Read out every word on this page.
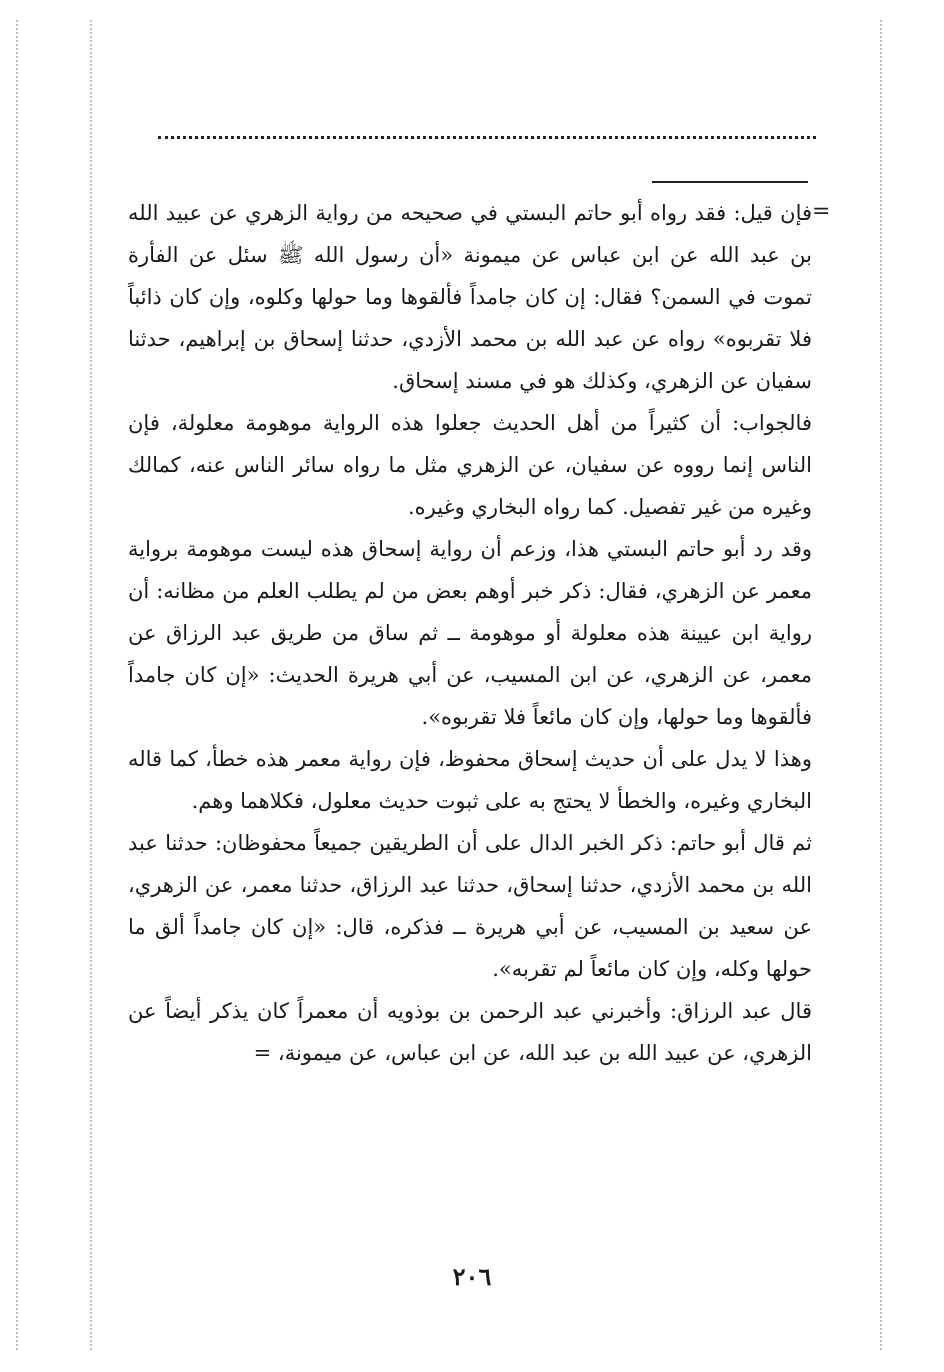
=

فإن قيل: فقد رواه أبو حاتم البستي في صحيحه من رواية الزهري عن عبيد الله بن عبد الله عن ابن عباس عن ميمونة «أن رسول الله ﷺ سئل عن الفأرة تموت في السمن؟ فقال: إن كان جامداً فألقوها وما حولها وكلوه، وإن كان ذائباً فلا تقربوه» رواه عن عبد الله بن محمد الأزدي، حدثنا إسحاق بن إبراهيم، حدثنا سفيان عن الزهري، وكذلك هو في مسند إسحاق.

فالجواب: أن كثيراً من أهل الحديث جعلوا هذه الرواية موهومة معلولة، فإن الناس إنما رووه عن سفيان، عن الزهري مثل ما رواه سائر الناس عنه، كمالك وغيره من غير تفصيل. كما رواه البخاري وغيره.

وقد رد أبو حاتم البستي هذا، وزعم أن رواية إسحاق هذه ليست موهومة برواية معمر عن الزهري، فقال: ذكر خبر أوهم بعض من لم يطلب العلم من مظانه: أن رواية ابن عيينة هذه معلولة أو موهومة ــ ثم ساق من طريق عبد الرزاق عن معمر، عن الزهري، عن ابن المسيب، عن أبي هريرة الحديث: «إن كان جامداً فألقوها وما حولها، وإن كان مائعاً فلا تقربوه».

وهذا لا يدل على أن حديث إسحاق محفوظ، فإن رواية معمر هذه خطأ، كما قاله البخاري وغيره، والخطأ لا يحتج به على ثبوت حديث معلول، فكلاهما وهم.

ثم قال أبو حاتم: ذكر الخبر الدال على أن الطريقين جميعاً محفوظان: حدثنا عبد الله بن محمد الأزدي، حدثنا إسحاق، حدثنا عبد الرزاق، حدثنا معمر، عن الزهري، عن سعيد بن المسيب، عن أبي هريرة ــ فذكره، قال: «إن كان جامداً ألق ما حولها وكله، وإن كان مائعاً لم تقربه».

قال عبد الرزاق: وأخبرني عبد الرحمن بن بوذويه أن معمراً كان يذكر أيضاً عن الزهري، عن عبيد الله بن عبد الله، عن ابن عباس، عن ميمونة، =

٢٠٦
